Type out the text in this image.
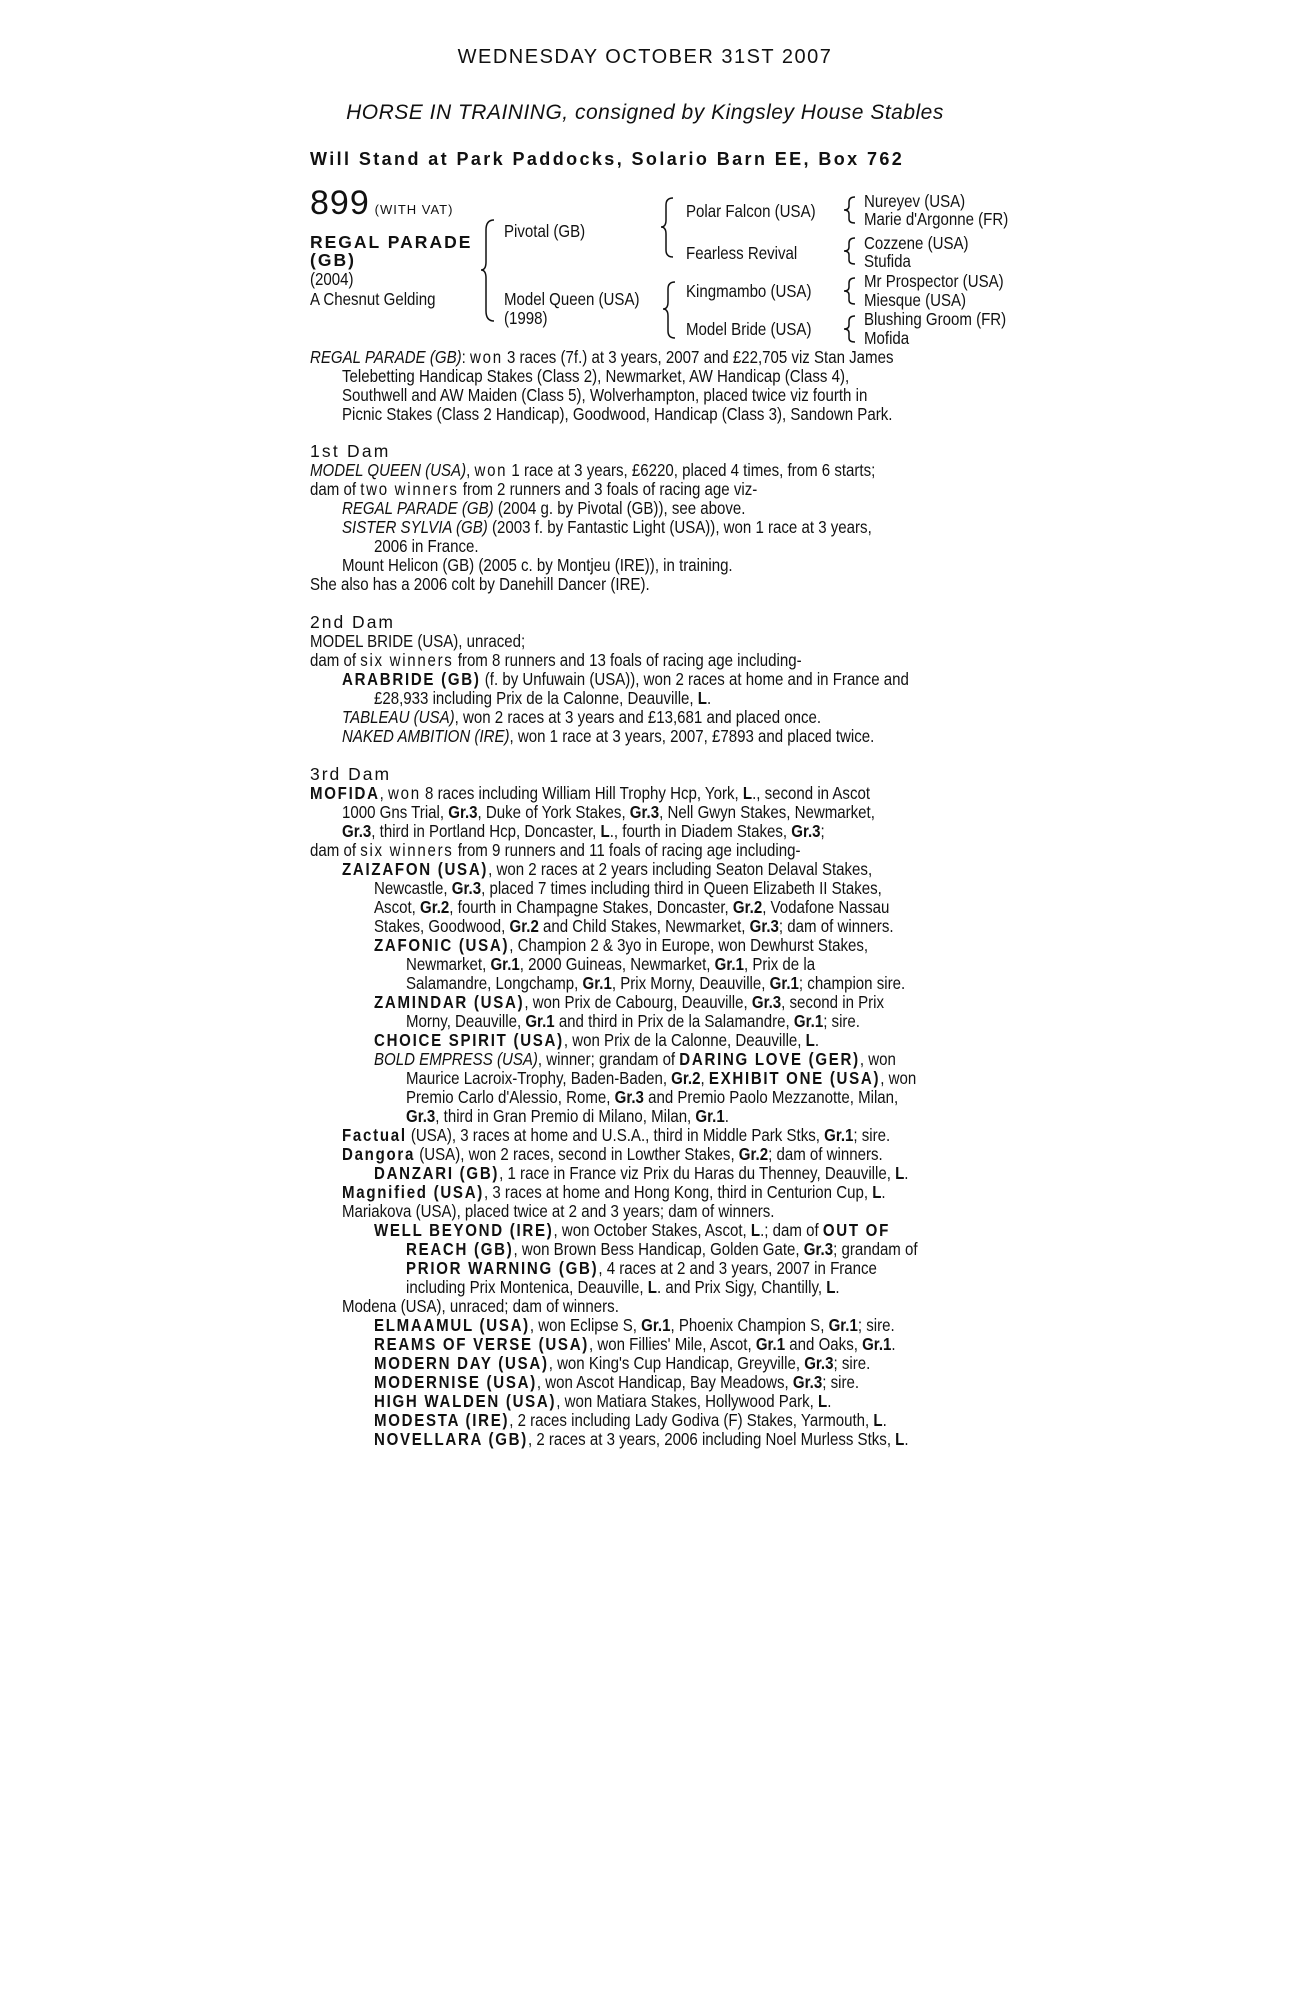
WEDNESDAY OCTOBER 31ST 2007
HORSE IN TRAINING, consigned by Kingsley House Stables
Will Stand at Park Paddocks, Solario Barn EE, Box 762
899 (WITH VAT)
REGAL PARADE
(GB)
(2004)
A Chesnut Gelding
Pivotal (GB)
Model Queen (USA)
(1998)
Polar Falcon (USA)
Fearless Revival
Kingmambo (USA)
Model Bride (USA)
Nureyev (USA)
Marie d'Argonne (FR)
Cozzene (USA)
Stufida
Mr Prospector (USA)
Miesque (USA)
Blushing Groom (FR)
Mofida
REGAL PARADE (GB): won 3 races (7f.) at 3 years, 2007 and £22,705 viz Stan James
Telebetting Handicap Stakes (Class 2), Newmarket, AW Handicap (Class 4),
Southwell and AW Maiden (Class 5), Wolverhampton, placed twice viz fourth in
Picnic Stakes (Class 2 Handicap), Goodwood, Handicap (Class 3), Sandown Park.
1st Dam
MODEL QUEEN (USA), won 1 race at 3 years, £6220, placed 4 times, from 6 starts;
dam of two winners from 2 runners and 3 foals of racing age viz-
REGAL PARADE (GB) (2004 g. by Pivotal (GB)), see above.
SISTER SYLVIA (GB) (2003 f. by Fantastic Light (USA)), won 1 race at 3 years,
2006 in France.
Mount Helicon (GB) (2005 c. by Montjeu (IRE)), in training.
She also has a 2006 colt by Danehill Dancer (IRE).
2nd Dam
MODEL BRIDE (USA), unraced;
dam of six winners from 8 runners and 13 foals of racing age including-
ARABRIDE (GB) (f. by Unfuwain (USA)), won 2 races at home and in France and
£28,933 including Prix de la Calonne, Deauville, L.
TABLEAU (USA), won 2 races at 3 years and £13,681 and placed once.
NAKED AMBITION (IRE), won 1 race at 3 years, 2007, £7893 and placed twice.
3rd Dam
MOFIDA, won 8 races including William Hill Trophy Hcp, York, L., second in Ascot
1000 Gns Trial, Gr.3, Duke of York Stakes, Gr.3, Nell Gwyn Stakes, Newmarket,
Gr.3, third in Portland Hcp, Doncaster, L., fourth in Diadem Stakes, Gr.3;
dam of six winners from 9 runners and 11 foals of racing age including-
ZAIZAFON (USA), won 2 races at 2 years including Seaton Delaval Stakes,
Newcastle, Gr.3, placed 7 times including third in Queen Elizabeth II Stakes,
Ascot, Gr.2, fourth in Champagne Stakes, Doncaster, Gr.2, Vodafone Nassau
Stakes, Goodwood, Gr.2 and Child Stakes, Newmarket, Gr.3; dam of winners.
ZAFONIC (USA), Champion 2 & 3yo in Europe, won Dewhurst Stakes,
Newmarket, Gr.1, 2000 Guineas, Newmarket, Gr.1, Prix de la
Salamandre, Longchamp, Gr.1, Prix Morny, Deauville, Gr.1; champion sire.
ZAMINDAR (USA), won Prix de Cabourg, Deauville, Gr.3, second in Prix
Morny, Deauville, Gr.1 and third in Prix de la Salamandre, Gr.1; sire.
CHOICE SPIRIT (USA), won Prix de la Calonne, Deauville, L.
BOLD EMPRESS (USA), winner; grandam of DARING LOVE (GER), won
Maurice Lacroix-Trophy, Baden-Baden, Gr.2, EXHIBIT ONE (USA), won
Premio Carlo d'Alessio, Rome, Gr.3 and Premio Paolo Mezzanotte, Milan,
Gr.3, third in Gran Premio di Milano, Milan, Gr.1.
Factual (USA), 3 races at home and U.S.A., third in Middle Park Stks, Gr.1; sire.
Dangora (USA), won 2 races, second in Lowther Stakes, Gr.2; dam of winners.
DANZARI (GB), 1 race in France viz Prix du Haras du Thenney, Deauville, L.
Magnified (USA), 3 races at home and Hong Kong, third in Centurion Cup, L.
Mariakova (USA), placed twice at 2 and 3 years; dam of winners.
WELL BEYOND (IRE), won October Stakes, Ascot, L.; dam of OUT OF
REACH (GB), won Brown Bess Handicap, Golden Gate, Gr.3; grandam of
PRIOR WARNING (GB), 4 races at 2 and 3 years, 2007 in France
including Prix Montenica, Deauville, L. and Prix Sigy, Chantilly, L.
Modena (USA), unraced; dam of winners.
ELMAAMUL (USA), won Eclipse S, Gr.1, Phoenix Champion S, Gr.1; sire.
REAMS OF VERSE (USA), won Fillies' Mile, Ascot, Gr.1 and Oaks, Gr.1.
MODERN DAY (USA), won King's Cup Handicap, Greyville, Gr.3; sire.
MODERNISE (USA), won Ascot Handicap, Bay Meadows, Gr.3; sire.
HIGH WALDEN (USA), won Matiara Stakes, Hollywood Park, L.
MODESTA (IRE), 2 races including Lady Godiva (F) Stakes, Yarmouth, L.
NOVELLARA (GB), 2 races at 3 years, 2006 including Noel Murless Stks, L.
